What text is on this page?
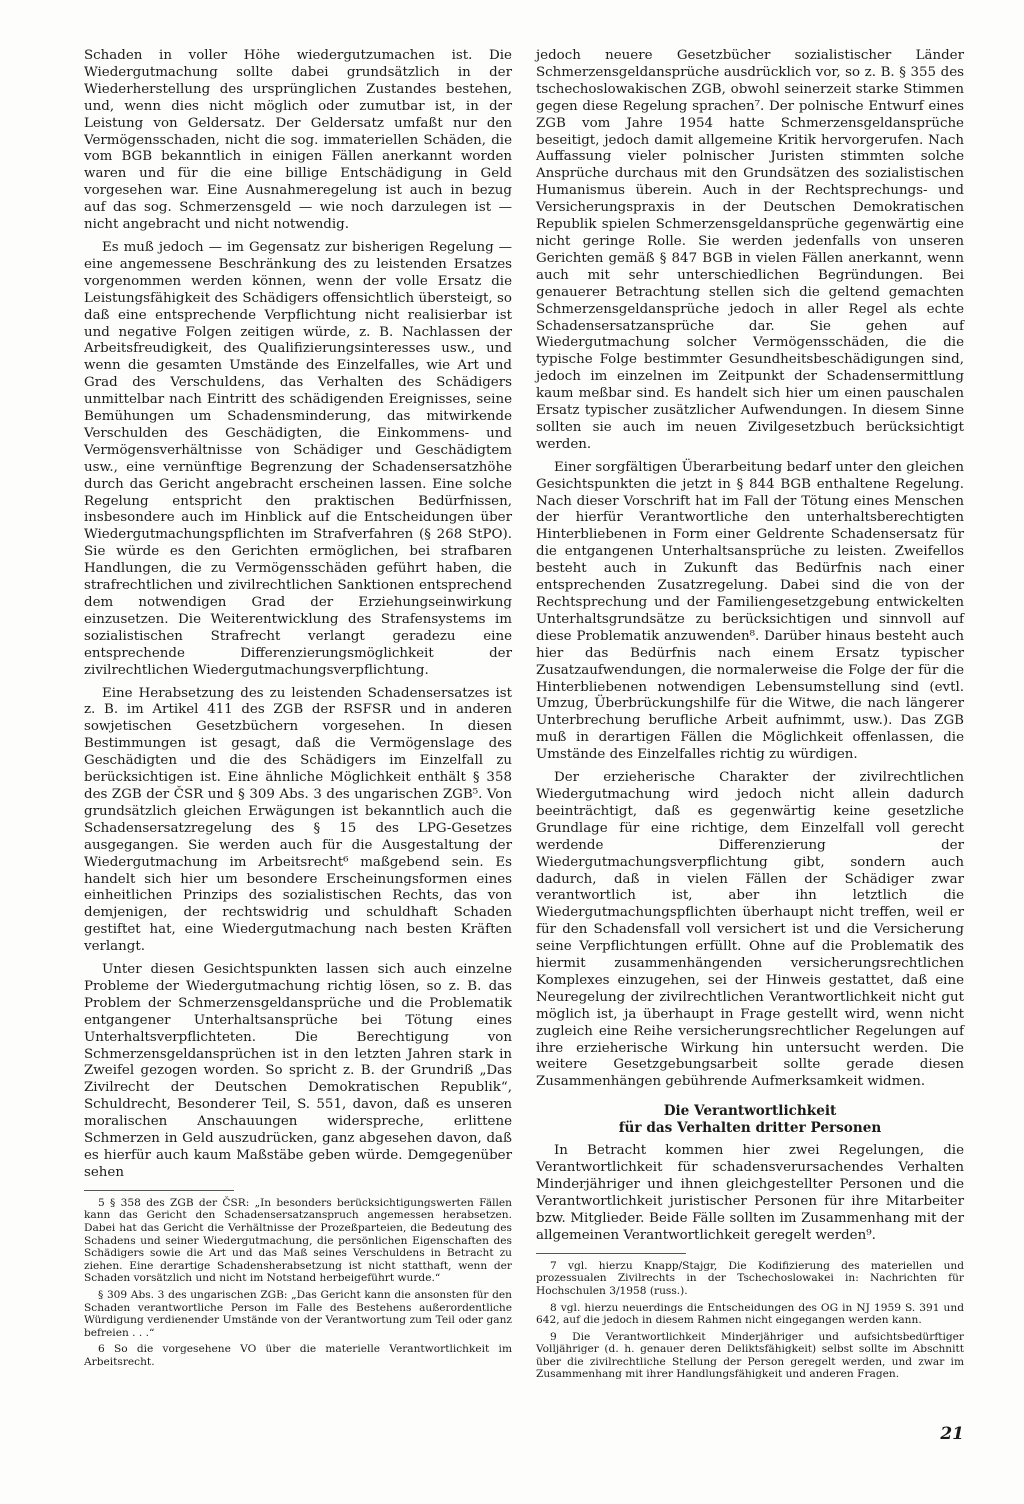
Schaden in voller Höhe wiedergutzumachen ist. Die Wiedergutmachung sollte dabei grundsätzlich in der Wiederherstellung des ursprünglichen Zustandes bestehen, und, wenn dies nicht möglich oder zumutbar ist, in der Leistung von Geldersatz. Der Geldersatz umfaßt nur den Vermögensschaden, nicht die sog. immateriellen Schäden, die vom BGB bekanntlich in einigen Fällen anerkannt worden waren und für die eine billige Entschädigung in Geld vorgesehen war. Eine Ausnahmeregelung ist auch in bezug auf das sog. Schmerzensgeld — wie noch darzulegen ist — nicht angebracht und nicht notwendig.

Es muß jedoch — im Gegensatz zur bisherigen Regelung — eine angemessene Beschränkung des zu leistenden Ersatzes vorgenommen werden können, wenn der volle Ersatz die Leistungsfähigkeit des Schädigers offensichtlich übersteigt, so daß eine entsprechende Verpflichtung nicht realisierbar ist und negative Folgen zeitigen würde, z. B. Nachlassen der Arbeitsfreudigkeit, des Qualifizierungsinteresses usw., und wenn die gesamten Umstände des Einzelfalles, wie Art und Grad des Verschuldens, das Verhalten des Schädigers unmittelbar nach Eintritt des schädigenden Ereignisses, seine Bemühungen um Schadensminderung, das mitwirkende Verschulden des Geschädigten, die Einkommens- und Vermögensverhältnisse von Schädiger und Geschädigtem usw., eine vernünftige Begrenzung der Schadensersatzhöhe durch das Gericht angebracht erscheinen lassen. Eine solche Regelung entspricht den praktischen Bedürfnissen, insbesondere auch im Hinblick auf die Entscheidungen über Wiedergutmachungspflichten im Strafverfahren (§ 268 StPO). Sie würde es den Gerichten ermöglichen, bei strafbaren Handlungen, die zu Vermögensschäden geführt haben, die strafrechtlichen und zivilrechtlichen Sanktionen entsprechend dem notwendigen Grad der Erziehungseinwirkung einzusetzen. Die Weiterentwicklung des Strafensystems im sozialistischen Strafrecht verlangt geradezu eine entsprechende Differenzierungsmöglichkeit der zivilrechtlichen Wiedergutmachungsverpflichtung.

Eine Herabsetzung des zu leistenden Schadensersatzes ist z. B. im Artikel 411 des ZGB der RSFSR und in anderen sowjetischen Gesetzbüchern vorgesehen. In diesen Bestimmungen ist gesagt, daß die Vermögenslage des Geschädigten und die des Schädigers im Einzelfall zu berücksichtigen ist. Eine ähnliche Möglichkeit enthält § 358 des ZGB der ČSR und § 309 Abs. 3 des ungarischen ZGB⁵. Von grundsätzlich gleichen Erwägungen ist bekanntlich auch die Schadensersatzregelung des § 15 des LPG-Gesetzes ausgegangen. Sie werden auch für die Ausgestaltung der Wiedergutmachung im Arbeitsrecht⁶ maßgebend sein. Es handelt sich hier um besondere Erscheinungsformen eines einheitlichen Prinzips des sozialistischen Rechts, das von demjenigen, der rechtswidrig und schuldhaft Schaden gestiftet hat, eine Wiedergutmachung nach besten Kräften verlangt.

Unter diesen Gesichtspunkten lassen sich auch einzelne Probleme der Wiedergutmachung richtig lösen, so z. B. das Problem der Schmerzensgeldansprüche und die Problematik entgangener Unterhaltsansprüche bei Tötung eines Unterhaltsverpflichteten. Die Berechtigung von Schmerzensgeldansprüchen ist in den letzten Jahren stark in Zweifel gezogen worden. So spricht z. B. der Grundriß „Das Zivilrecht der Deutschen Demokratischen Republik“, Schuldrecht, Besonderer Teil, S. 551, davon, daß es unseren moralischen Anschauungen widerspreche, erlittene Schmerzen in Geld auszudrücken, ganz abgesehen davon, daß es hierfür auch kaum Maßstäbe geben würde. Demgegenüber sehen

5 § 358 des ZGB der ČSR: „In besonders berücksichtigungswerten Fällen kann das Gericht den Schadensersatzanspruch angemessen herabsetzen. Dabei hat das Gericht die Verhältnisse der Prozeßparteien, die Bedeutung des Schadens und seiner Wiedergutmachung, die persönlichen Eigenschaften des Schädigers sowie die Art und das Maß seines Verschuldens in Betracht zu ziehen. Eine derartige Schadensherabsetzung ist nicht statthaft, wenn der Schaden vorsätzlich und nicht im Notstand herbeigeführt wurde.“

§ 309 Abs. 3 des ungarischen ZGB: „Das Gericht kann die ansonsten für den Schaden verantwortliche Person im Falle des Bestehens außerordentliche Würdigung verdienender Umstände von der Verantwortung zum Teil oder ganz befreien . . .“

6 So die vorgesehene VO über die materielle Verantwortlichkeit im Arbeitsrecht.

jedoch neuere Gesetzbücher sozialistischer Länder Schmerzensgeldansprüche ausdrücklich vor, so z. B. § 355 des tschechoslowakischen ZGB, obwohl seinerzeit starke Stimmen gegen diese Regelung sprachen⁷. Der polnische Entwurf eines ZGB vom Jahre 1954 hatte Schmerzensgeldansprüche beseitigt, jedoch damit allgemeine Kritik hervorgerufen. Nach Auffassung vieler polnischer Juristen stimmten solche Ansprüche durchaus mit den Grundsätzen des sozialistischen Humanismus überein. Auch in der Rechtsprechungs- und Versicherungspraxis in der Deutschen Demokratischen Republik spielen Schmerzensgeldansprüche gegenwärtig eine nicht geringe Rolle. Sie werden jedenfalls von unseren Gerichten gemäß § 847 BGB in vielen Fällen anerkannt, wenn auch mit sehr unterschiedlichen Begründungen. Bei genauerer Betrachtung stellen sich die geltend gemachten Schmerzensgeldansprüche jedoch in aller Regel als echte Schadensersatzansprüche dar. Sie gehen auf Wiedergutmachung solcher Vermögensschäden, die die typische Folge bestimmter Gesundheitsbeschädigungen sind, jedoch im einzelnen im Zeitpunkt der Schadensermittlung kaum meßbar sind. Es handelt sich hier um einen pauschalen Ersatz typischer zusätzlicher Aufwendungen. In diesem Sinne sollten sie auch im neuen Zivilgesetzbuch berücksichtigt werden.

Einer sorgfältigen Überarbeitung bedarf unter den gleichen Gesichtspunkten die jetzt in § 844 BGB enthaltene Regelung. Nach dieser Vorschrift hat im Fall der Tötung eines Menschen der hierfür Verantwortliche den unterhaltsberechtigten Hinterbliebenen in Form einer Geldrente Schadensersatz für die entgangenen Unterhaltsansprüche zu leisten. Zweifellos besteht auch in Zukunft das Bedürfnis nach einer entsprechenden Zusatzregelung. Dabei sind die von der Rechtsprechung und der Familiengesetzgebung entwickelten Unterhaltsgrundsätze zu berücksichtigen und sinnvoll auf diese Problematik anzuwenden⁸. Darüber hinaus besteht auch hier das Bedürfnis nach einem Ersatz typischer Zusatzaufwendungen, die normalerweise die Folge der für die Hinterbliebenen notwendigen Lebensumstellung sind (evtl. Umzug, Überbrückungshilfe für die Witwe, die nach längerer Unterbrechung berufliche Arbeit aufnimmt, usw.). Das ZGB muß in derartigen Fällen die Möglichkeit offenlassen, die Umstände des Einzelfalles richtig zu würdigen.

Der erzieherische Charakter der zivilrechtlichen Wiedergutmachung wird jedoch nicht allein dadurch beeinträchtigt, daß es gegenwärtig keine gesetzliche Grundlage für eine richtige, dem Einzelfall voll gerecht werdende Differenzierung der Wiedergutmachungsverpflichtung gibt, sondern auch dadurch, daß in vielen Fällen der Schädiger zwar verantwortlich ist, aber ihn letztlich die Wiedergutmachungspflichten überhaupt nicht treffen, weil er für den Schadensfall voll versichert ist und die Versicherung seine Verpflichtungen erfüllt. Ohne auf die Problematik des hiermit zusammenhängenden versicherungsrechtlichen Komplexes einzugehen, sei der Hinweis gestattet, daß eine Neuregelung der zivilrechtlichen Verantwortlichkeit nicht gut möglich ist, ja überhaupt in Frage gestellt wird, wenn nicht zugleich eine Reihe versicherungsrechtlicher Regelungen auf ihre erzieherische Wirkung hin untersucht werden. Die weitere Gesetzgebungsarbeit sollte gerade diesen Zusammenhängen gebührende Aufmerksamkeit widmen.

Die Verantwortlichkeit
für das Verhalten dritter Personen

In Betracht kommen hier zwei Regelungen, die Verantwortlichkeit für schadensverursachendes Verhalten Minderjähriger und ihnen gleichgestellter Personen und die Verantwortlichkeit juristischer Personen für ihre Mitarbeiter bzw. Mitglieder. Beide Fälle sollten im Zusammenhang mit der allgemeinen Verantwortlichkeit geregelt werden⁹.

7 vgl. hierzu Knapp/Stajgr, Die Kodifizierung des materiellen und prozessualen Zivilrechts in der Tschechoslowakei in: Nachrichten für Hochschulen 3/1958 (russ.).

8 vgl. hierzu neuerdings die Entscheidungen des OG in NJ 1959 S. 391 und 642, auf die jedoch in diesem Rahmen nicht eingegangen werden kann.

9 Die Verantwortlichkeit Minderjähriger und aufsichtsbedürftiger Volljähriger (d. h. genauer deren Deliktsfähigkeit) selbst sollte im Abschnitt über die zivilrechtliche Stellung der Person geregelt werden, und zwar im Zusammenhang mit ihrer Handlungsfähigkeit und anderen Fragen.

21
